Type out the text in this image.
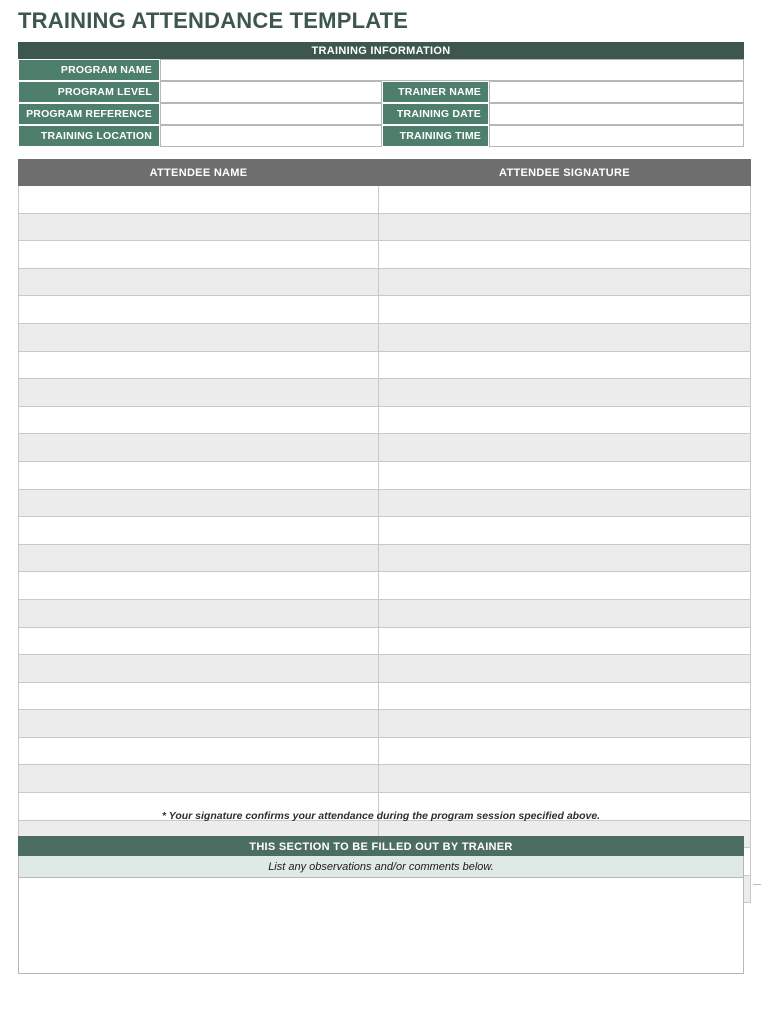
TRAINING ATTENDANCE TEMPLATE
TRAINING INFORMATION
PROGRAM NAME
PROGRAM LEVEL	TRAINER NAME
PROGRAM REFERENCE	TRAINING DATE
TRAINING LOCATION	TRAINING TIME
ATTENDEE NAME	ATTENDEE SIGNATURE

* Your signature confirms your attendance during the program session specified above.
THIS SECTION TO BE FILLED OUT BY TRAINER
List any observations and/or comments below.
